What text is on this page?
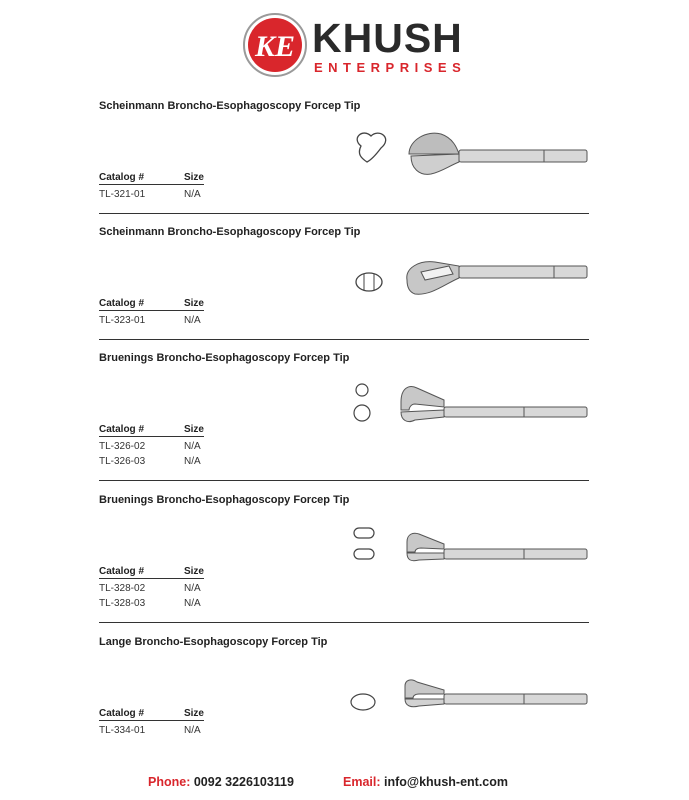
KE KHUSH
ENTERPRISES
Scheinmann Broncho-Esophagoscopy Forcep Tip
Catalog #	Size
TL-321-01	N/A
Scheinmann Broncho-Esophagoscopy Forcep Tip
Catalog #	Size
TL-323-01	N/A
Bruenings Broncho-Esophagoscopy Forcep Tip
Catalog #	Size
TL-326-02	N/A
TL-326-03	N/A
Bruenings Broncho-Esophagoscopy Forcep Tip
Catalog #	Size
TL-328-02	N/A
TL-328-03	N/A
Lange Broncho-Esophagoscopy Forcep Tip
Catalog #	Size
TL-334-01	N/A
Phone: 0092 3226103119	Email: info@khush-ent.com
